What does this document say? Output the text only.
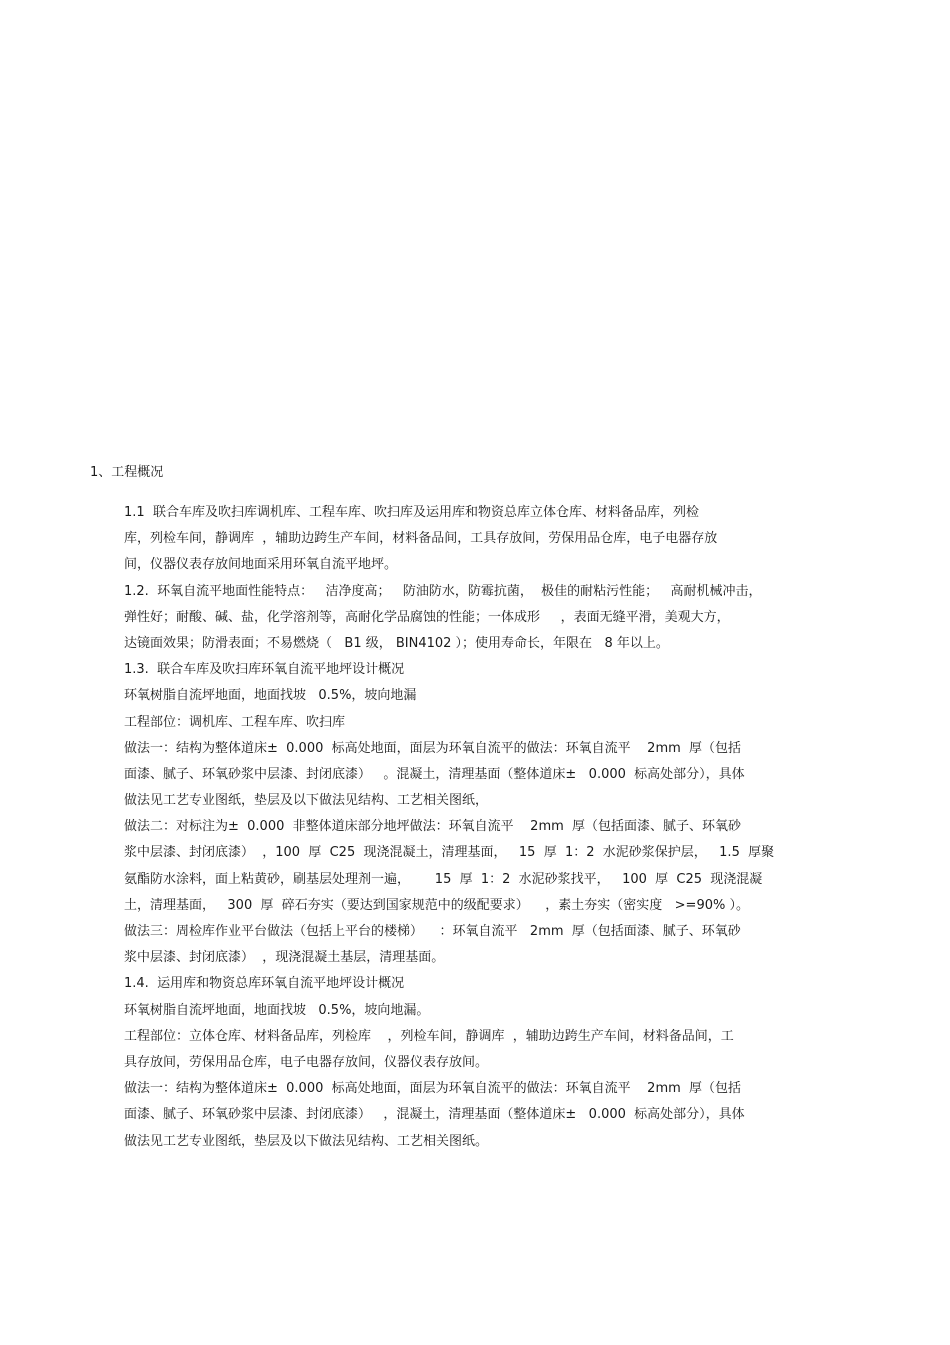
1、工程概况
1.1  联合车库及吹扫库调机库、工程车库、吹扫库及运用库和物资总库立体仓库、材料备品库，列检
库，列检车间，静调库  ，辅助边跨生产车间，材料备品间，工具存放间，劳保用品仓库，电子电器存放
间，仪器仪表存放间地面采用环氧自流平地坪。
1.2.  环氧自流平地面性能特点：   洁净度高；   防油防水，防霉抗菌，  极佳的耐粘污性能；   高耐机械冲击，
弹性好；耐酸、碱、盐，化学溶剂等，高耐化学品腐蚀的性能；一体成形     ，表面无缝平滑，美观大方，
达镜面效果；防滑表面；不易燃烧（   B1 级， BIN4102 ）；使用寿命长，年限在   8 年以上。
1.3.  联合车库及吹扫库环氧自流平地坪设计概况
环氧树脂自流坪地面，地面找坡   0.5%，坡向地漏
工程部位：调机库、工程车库、吹扫库
做法一：结构为整体道床±  0.000  标高处地面，面层为环氧自流平的做法：环氧自流平    2mm  厚（包括
面漆、腻子、环氧砂浆中层漆、封闭底漆）   。混凝土，清理基面（整体道床±   0.000  标高处部分），具体
做法见工艺专业图纸，垫层及以下做法见结构、工艺相关图纸，
做法二：对标注为±  0.000  非整体道床部分地坪做法：环氧自流平    2mm  厚（包括面漆、腻子、环氧砂
浆中层漆、封闭底漆）  ，100  厚  C25  现浇混凝土，清理基面，   15  厚  1：2  水泥砂浆保护层，   1.5  厚聚
氨酯防水涂料，面上粘黄砂，刷基层处理剂一遍，      15  厚  1：2  水泥砂浆找平，   100  厚  C25  现浇混凝
土，清理基面，   300  厚  碎石夯实（要达到国家规范中的级配要求）    ，素土夯实（密实度   >=90% ）。
做法三：周检库作业平台做法（包括上平台的楼梯）    ：环氧自流平   2mm  厚（包括面漆、腻子、环氧砂
浆中层漆、封闭底漆）  ，现浇混凝土基层，清理基面。
1.4.  运用库和物资总库环氧自流平地坪设计概况
环氧树脂自流坪地面，地面找坡   0.5%，坡向地漏。
工程部位：立体仓库、材料备品库，列检库    ，列检车间，静调库  ，辅助边跨生产车间，材料备品间，工
具存放间，劳保用品仓库，电子电器存放间，仪器仪表存放间。
做法一：结构为整体道床±  0.000  标高处地面，面层为环氧自流平的做法：环氧自流平    2mm  厚（包括
面漆、腻子、环氧砂浆中层漆、封闭底漆）   ，混凝土，清理基面（整体道床±   0.000  标高处部分），具体
做法见工艺专业图纸，垫层及以下做法见结构、工艺相关图纸。
